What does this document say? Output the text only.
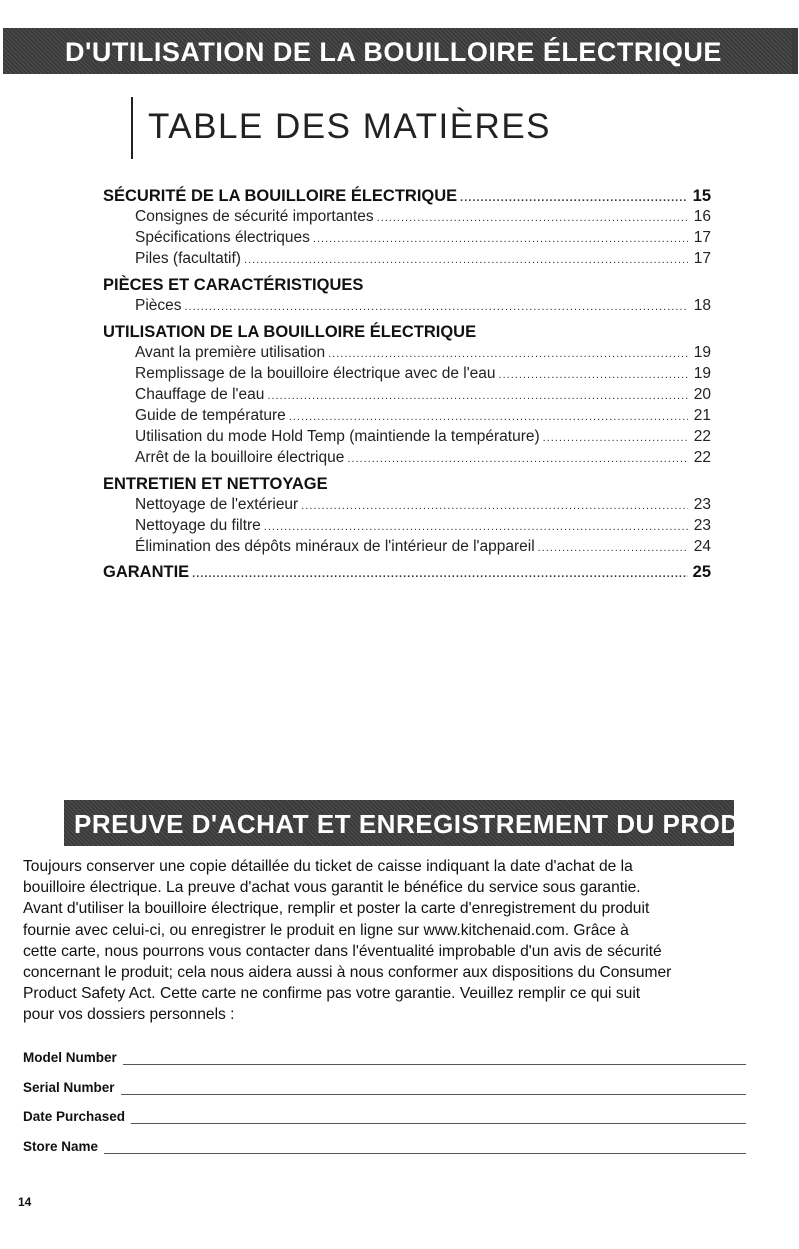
D'UTILISATION DE LA BOUILLOIRE ÉLECTRIQUE
TABLE DES MATIÈRES
SÉCURITÉ DE LA BOUILLOIRE ÉLECTRIQUE .....	15
Consignes de sécurité importantes .....	16
Spécifications électriques .....	17
Piles (facultatif) .....	17
PIÈCES ET CARACTÉRISTIQUES
Pièces .....	18
UTILISATION DE LA BOUILLOIRE ÉLECTRIQUE
Avant la première utilisation .....	19
Remplissage de la bouilloire électrique avec de l'eau .....	19
Chauffage de l'eau .....	20
Guide de température .....	21
Utilisation du mode Hold Temp (maintiende la température) .....	22
Arrêt de la bouilloire électrique .....	22
ENTRETIEN ET NETTOYAGE
Nettoyage de l'extérieur .....	23
Nettoyage du filtre .....	23
Élimination des dépôts minéraux de l'intérieur de l'appareil .....	24
GARANTIE .....	25
PREUVE D'ACHAT ET ENREGISTREMENT DU PRODUIT
Toujours conserver une copie détaillée du ticket de caisse indiquant la date d'achat de la
bouilloire électrique. La preuve d'achat vous garantit le bénéfice du service sous garantie.
Avant d'utiliser la bouilloire électrique, remplir et poster la carte d'enregistrement du produit
fournie avec celui-ci, ou enregistrer le produit en ligne sur www.kitchenaid.com. Grâce à
cette carte, nous pourrons vous contacter dans l'éventualité improbable d'un avis de sécurité
concernant le produit; cela nous aidera aussi à nous conformer aux dispositions du Consumer
Product Safety Act. Cette carte ne confirme pas votre garantie. Veuillez remplir ce qui suit
pour vos dossiers personnels :
Model Number
Serial Number
Date Purchased
Store Name
14
